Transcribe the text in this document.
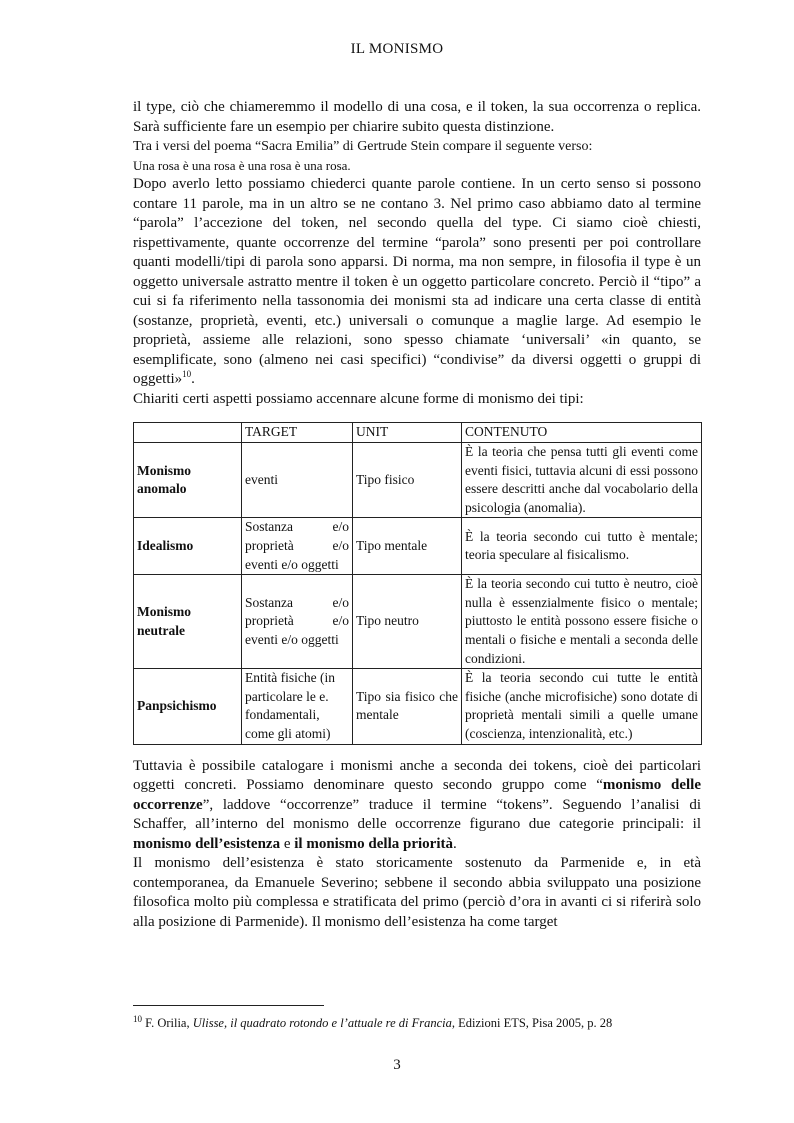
IL MONISMO

il type, ciò che chiameremmo il modello di una cosa, e il token, la sua occorrenza o replica. Sarà sufficiente fare un esempio per chiarire subito questa distinzione.

Tra i versi del poema “Sacra Emilia” di Gertrude Stein compare il seguente verso:

Una rosa è una rosa è una rosa è una rosa.

Dopo averlo letto possiamo chiederci quante parole contiene. In un certo senso si possono contare 11 parole, ma in un altro se ne contano 3. Nel primo caso abbiamo dato al termine “parola” l’accezione del token, nel secondo quella del type. Ci siamo cioè chiesti, rispettivamente, quante occorrenze del termine “parola” sono presenti per poi controllare quanti modelli/tipi di parola sono apparsi. Di norma, ma non sempre, in filosofia il type è un oggetto universale astratto mentre il token è un oggetto particolare concreto. Perciò il “tipo” a cui si fa riferimento nella tassonomia dei monismi sta ad indicare una certa classe di entità (sostanze, proprietà, eventi, etc.) universali o comunque a maglie large. Ad esempio le proprietà, assieme alle relazioni, sono spesso chiamate ‘universali’ «in quanto, se esemplificate, sono (almeno nei casi specifici) “condivise” da diversi oggetti o gruppi di oggetti»$^{10}$.

Chiariti certi aspetti possiamo accennare alcune forme di monismo dei tipi:

	TARGET	UNIT	CONTENUTO
Monismo anomalo	eventi	Tipo fisico	È la teoria che pensa tutti gli eventi come eventi fisici, tuttavia alcuni di essi possono essere descritti anche dal vocabolario della psicologia (anomalia).
Idealismo	Sostanza e/o proprietà e/o eventi e/o oggetti	Tipo mentale	È la teoria secondo cui tutto è mentale; teoria speculare al fisicalismo.
Monismo neutrale	Sostanza e/o proprietà e/o eventi e/o oggetti	Tipo neutro	È la teoria secondo cui tutto è neutro, cioè nulla è essenzialmente fisico o mentale; piuttosto le entità possono essere fisiche o mentali o fisiche e mentali a seconda delle condizioni.
Panpsichismo	Entità fisiche (in particolare le e. fondamentali, come gli atomi)	Tipo sia fisico che mentale	È la teoria secondo cui tutte le entità fisiche (anche microfisiche) sono dotate di proprietà mentali simili a quelle umane (coscienza, intenzionalità, etc.)

Tuttavia è possibile catalogare i monismi anche a seconda dei tokens, cioè dei particolari oggetti concreti. Possiamo denominare questo secondo gruppo come “monismo delle occorrenze”, laddove “occorrenze” traduce il termine “tokens”. Seguendo l’analisi di Schaffer, all’interno del monismo delle occorrenze figurano due categorie principali: il monismo dell’esistenza e il monismo della priorità.

Il monismo dell’esistenza è stato storicamente sostenuto da Parmenide e, in età contemporanea, da Emanuele Severino; sebbene il secondo abbia sviluppato una posizione filosofica molto più complessa e stratificata del primo (perciò d’ora in avanti ci si riferirà solo alla posizione di Parmenide). Il monismo dell’esistenza ha come target

$^{10}$ F. Orilia, Ulisse, il quadrato rotondo e l’attuale re di Francia, Edizioni ETS, Pisa 2005, p. 28
3
